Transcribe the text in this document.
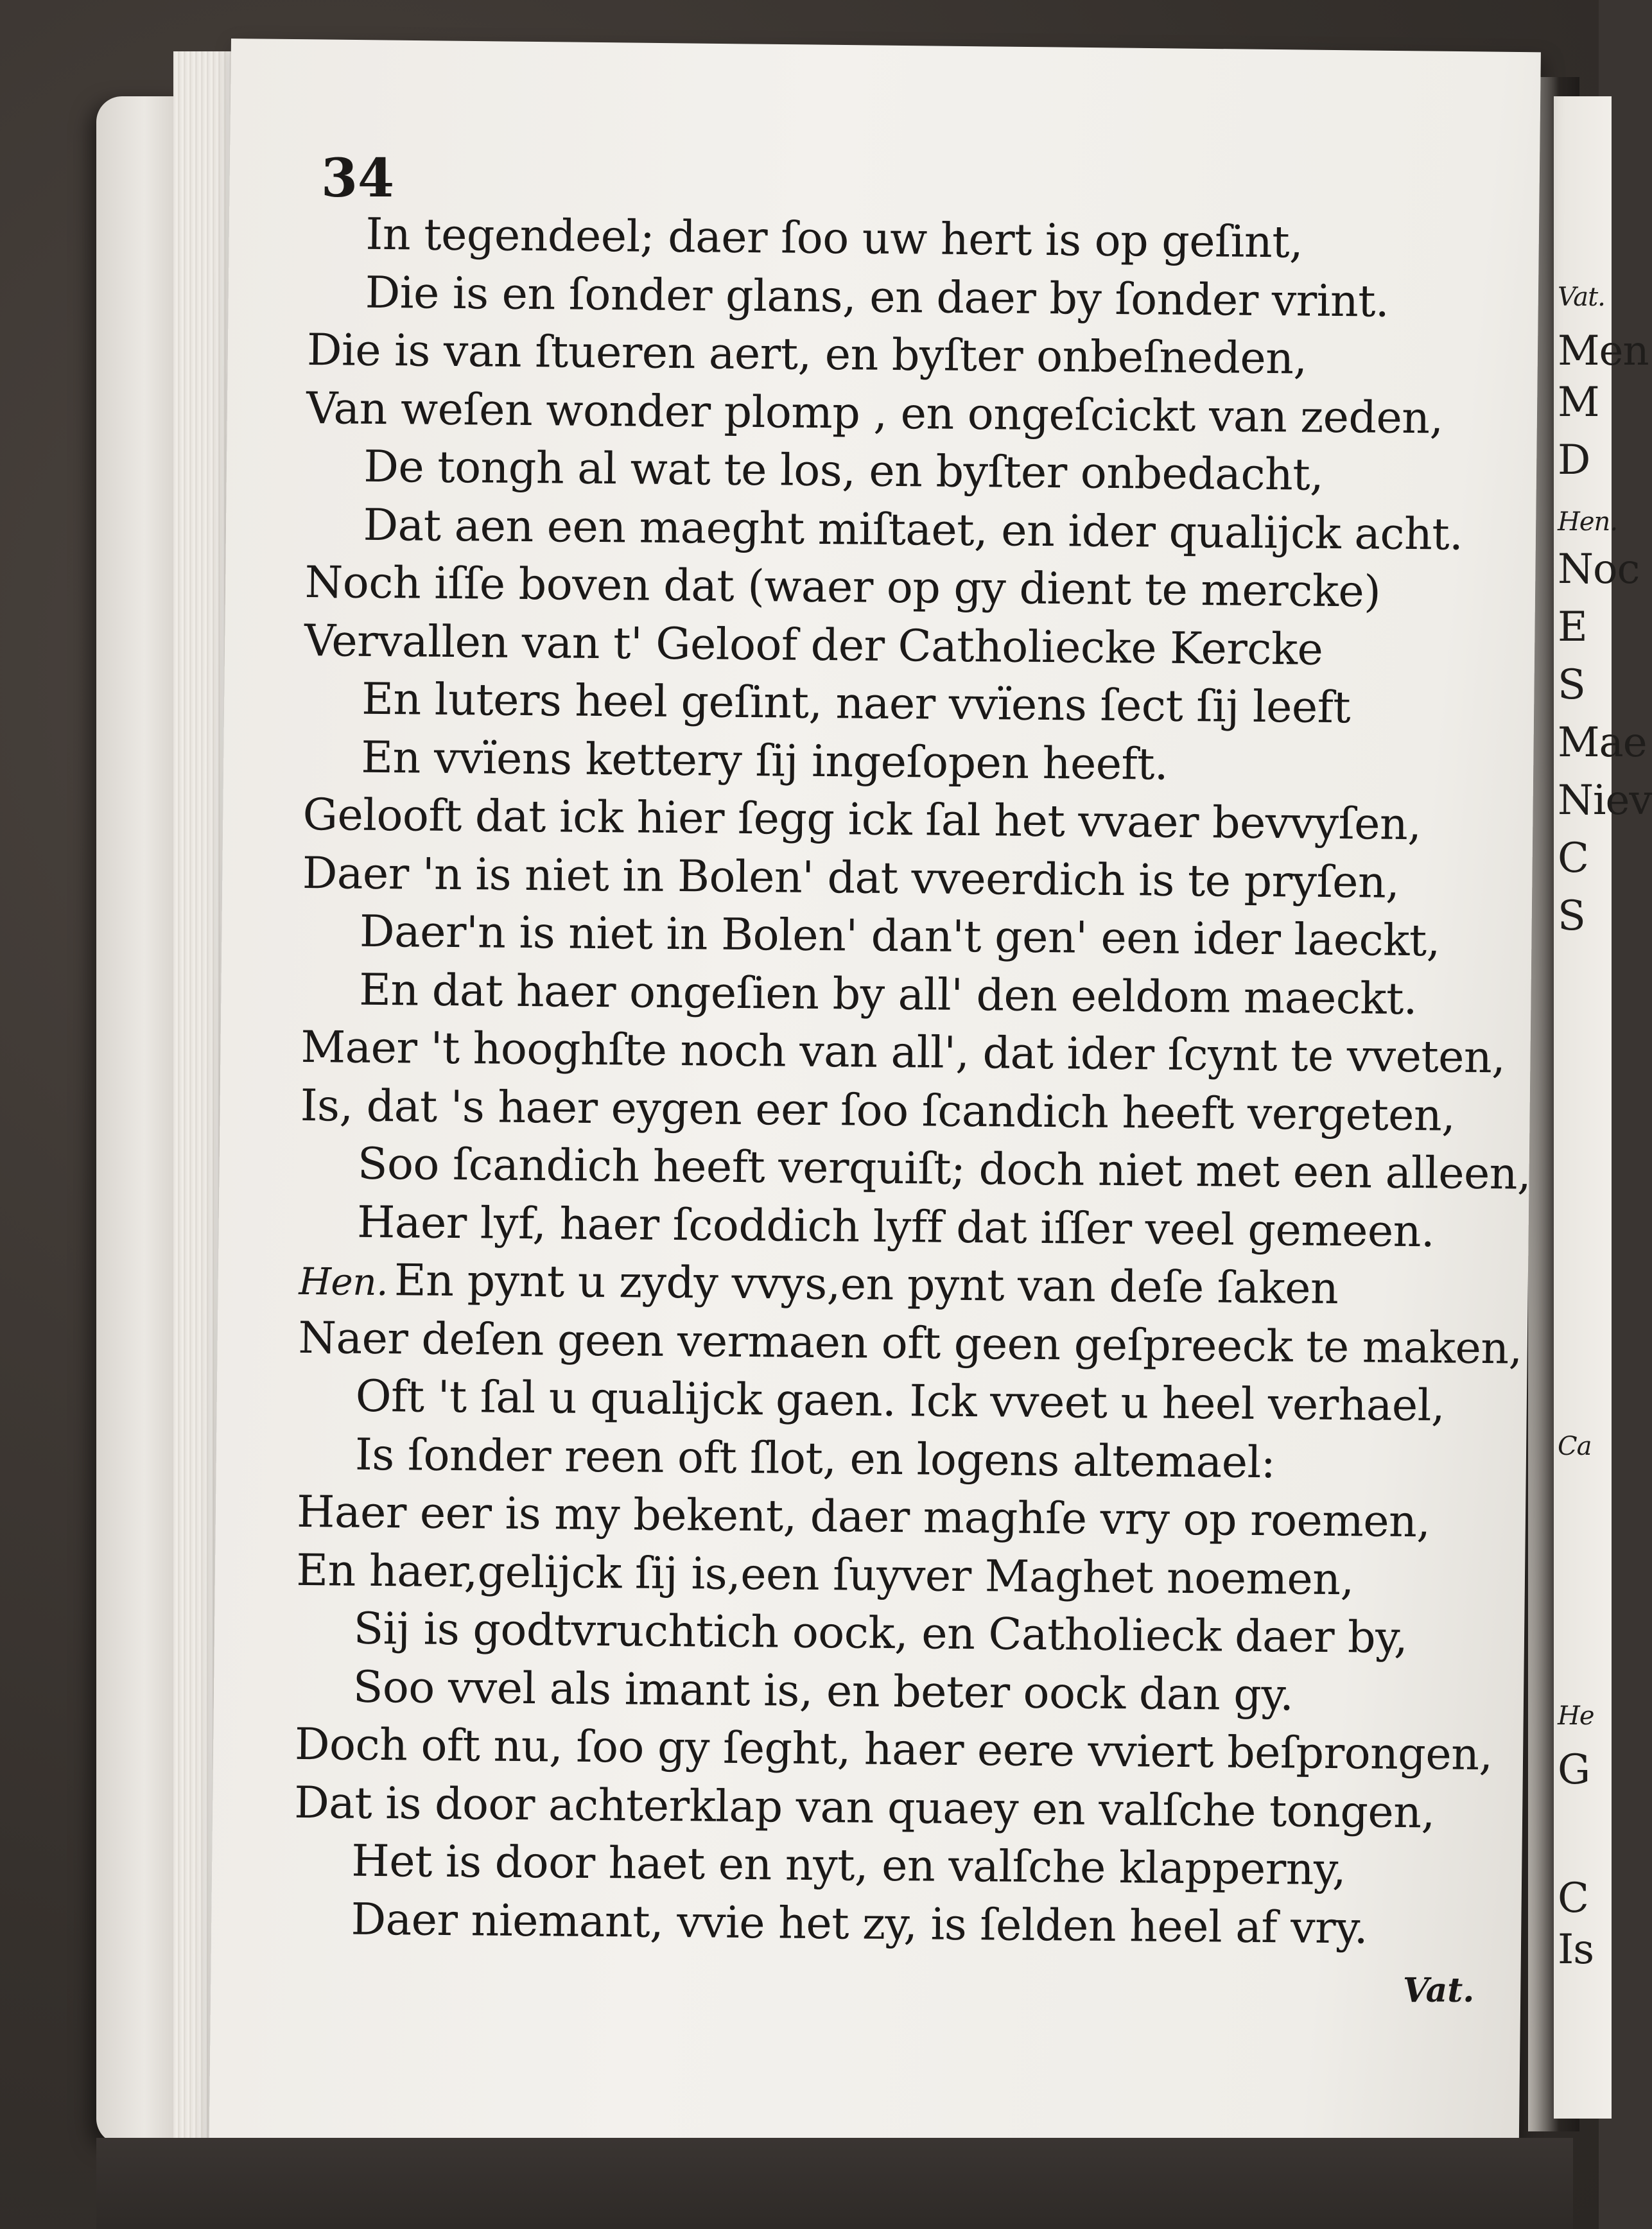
Vat.
Men
M
D
Hen.
Noc
E
S
Mae
Niev
C
S
Ca
He
G
C
Is
34
In tegendeel; daer ſoo uw hert is op geſint,
Die is en ſonder glans, en daer by ſonder vrint.
Die is van ſtueren aert, en byſter onbeſneden,
Van weſen wonder plomp , en ongeſcickt van zeden,
De tongh al wat te los, en byſter onbedacht,
Dat aen een maeght miſtaet, en ider qualijck acht.
Noch iſſe boven dat (waer op gy dient te mercke)
Vervallen van t' Geloof der Catholiecke Kercke
En luters heel geſint, naer vvïens ſect ſij leeft
En vvïens kettery ſij ingeſopen heeft.
Gelooft dat ick hier ſegg ick ſal het vvaer bevvyſen,
Daer 'n is niet in Bolen' dat vveerdich is te pryſen,
Daer'n is niet in Bolen' dan't gen' een ider laeckt,
En dat haer ongeſien by all' den eeldom maeckt.
Maer 't hooghſte noch van all', dat ider ſcynt te vveten,
Is, dat 's haer eygen eer ſoo ſcandich heeft vergeten,
Soo ſcandich heeft verquiſt; doch niet met een alleen,
Haer lyf, haer ſcoddich lyff dat iſſer veel gemeen.
Hen. En pynt u zydy vvys,en pynt van deſe ſaken
Naer deſen geen vermaen oft geen geſpreeck te maken,
Oft 't ſal u qualijck gaen. Ick vveet u heel verhael,
Is ſonder reen oft ſlot, en logens altemael:
Haer eer is my bekent, daer maghſe vry op roemen,
En haer,gelijck ſij is,een ſuyver Maghet noemen,
Sij is godtvruchtich oock, en Catholieck daer by,
Soo vvel als imant is, en beter oock dan gy.
Doch oft nu, ſoo gy ſeght, haer eere vviert beſprongen,
Dat is door achterklap van quaey en valſche tongen,
Het is door haet en nyt, en valſche klapperny,
Daer niemant, vvie het zy, is ſelden heel af vry.
Vat.
